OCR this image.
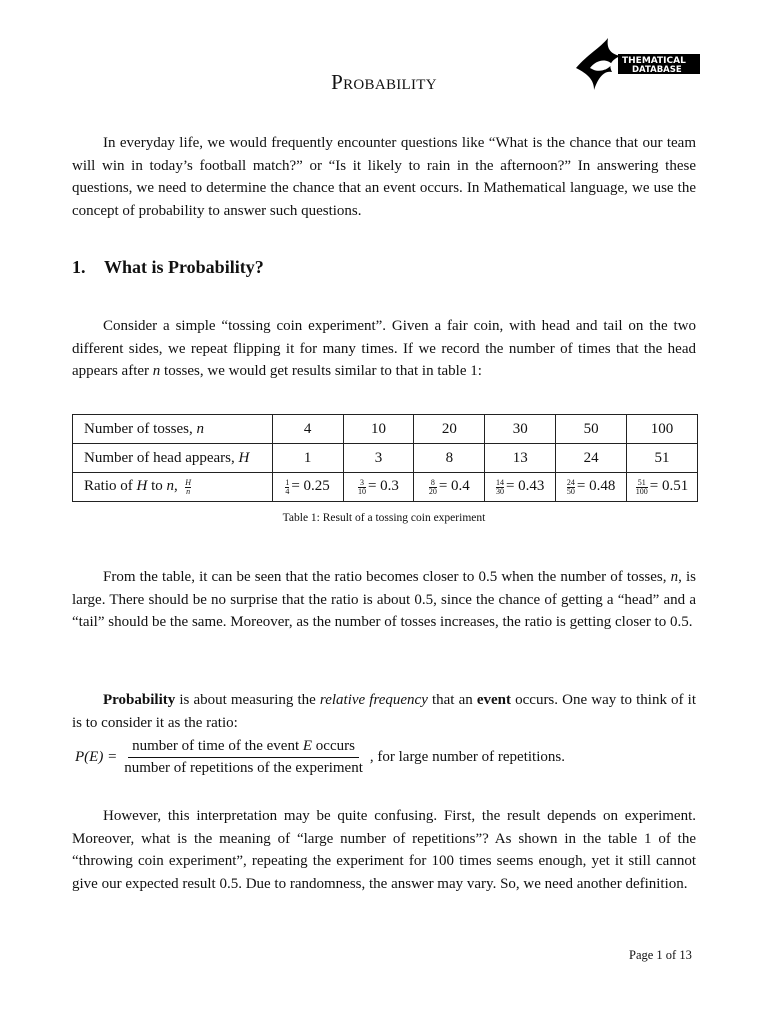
THEMATICAL
DATABASE
Probability

In everyday life, we would frequently encounter questions like “What is the chance that our team will win in today’s football match?” or “Is it likely to rain in the afternoon?” In answering these questions, we need to determine the chance that an event occurs. In Mathematical language, we use the concept of probability to answer such questions.

1. What is Probability?

Consider a simple “tossing coin experiment”. Given a fair coin, with head and tail on the two different sides, we repeat flipping it for many times. If we record the number of times that the head appears after n tosses, we would get results similar to that in table 1:

Number of tosses, n	4	10	20	30	50	100
Number of head appears, H	1	3	8	13	24	51
Ratio of H to n, $\frac{H}{n}$	$\frac{1}{4} = 0.25$	$\frac{3}{10} = 0.3$	$\frac{8}{20} = 0.4$	$\frac{14}{30} = 0.43$	$\frac{24}{50} = 0.48$	$\frac{51}{100} = 0.51$
Table 1: Result of a tossing coin experiment

From the table, it can be seen that the ratio becomes closer to 0.5 when the number of tosses, n, is large. There should be no surprise that the ratio is about 0.5, since the chance of getting a “head” and a “tail” should be the same. Moreover, as the number of tosses increases, the ratio is getting closer to 0.5.

Probability is about measuring the relative frequency that an event occurs. One way to think of it is to consider it as the ratio:

P(E) =
number of time of the event E occurs
number of repetitions of the experiment
, for large number of repetitions.

However, this interpretation may be quite confusing. First, the result depends on experiment. Moreover, what is the meaning of “large number of repetitions”? As shown in the table 1 of the “throwing coin experiment”, repeating the experiment for 100 times seems enough, yet it still cannot give our expected result 0.5. Due to randomness, the answer may vary. So, we need another definition.

Page 1 of 13
